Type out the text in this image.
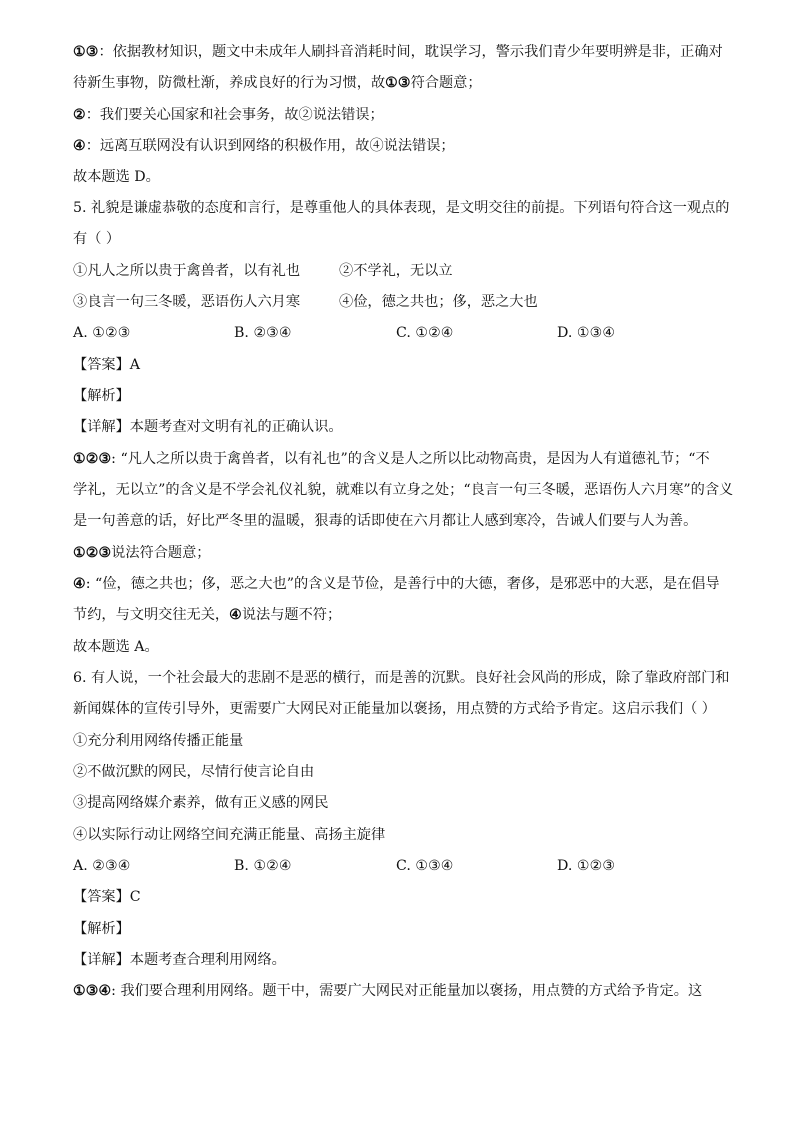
①③：依据教材知识，题文中未成年人刷抖音消耗时间，耽误学习，警示我们青少年要明辨是非，正确对
待新生事物，防微杜渐，养成良好的行为习惯，故①③符合题意；
②：我们要关心国家和社会事务，故②说法错误；
④：远离互联网没有认识到网络的积极作用，故④说法错误；
故本题选 D。
5. 礼貌是谦虚恭敬的态度和言行，是尊重他人的具体表现，是文明交往的前提。下列语句符合这一观点的
有（ ）
①凡人之所以贵于禽兽者，以有礼也	②不学礼，无以立
③良言一句三冬暖，恶语伤人六月寒	④俭，德之共也；侈，恶之大也
A. ①②③	B. ②③④	C. ①②④	D. ①③④
【答案】A
【解析】
【详解】本题考查对文明有礼的正确认识。
①②③: “凡人之所以贵于禽兽者，以有礼也”的含义是人之所以比动物高贵，是因为人有道德礼节；“不
学礼，无以立”的含义是不学会礼仪礼貌，就难以有立身之处；“良言一句三冬暖，恶语伤人六月寒”的含义
是一句善意的话，好比严冬里的温暖，狠毒的话即使在六月都让人感到寒冷，告诫人们要与人为善。
①②③说法符合题意；
④: “俭，德之共也；侈，恶之大也”的含义是节俭，是善行中的大德，奢侈，是邪恶中的大恶，是在倡导
节约，与文明交往无关，④说法与题不符；
故本题选 A。
6. 有人说，一个社会最大的悲剧不是恶的横行，而是善的沉默。良好社会风尚的形成，除了靠政府部门和
新闻媒体的宣传引导外，更需要广大网民对正能量加以褒扬，用点赞的方式给予肯定。这启示我们（ ）
①充分利用网络传播正能量
②不做沉默的网民，尽情行使言论自由
③提高网络媒介素养，做有正义感的网民
④以实际行动让网络空间充满正能量、高扬主旋律
A. ②③④	B. ①②④	C. ①③④	D. ①②③
【答案】C
【解析】
【详解】本题考查合理利用网络。
①③④: 我们要合理利用网络。题干中，需要广大网民对正能量加以褒扬，用点赞的方式给予肯定。这
